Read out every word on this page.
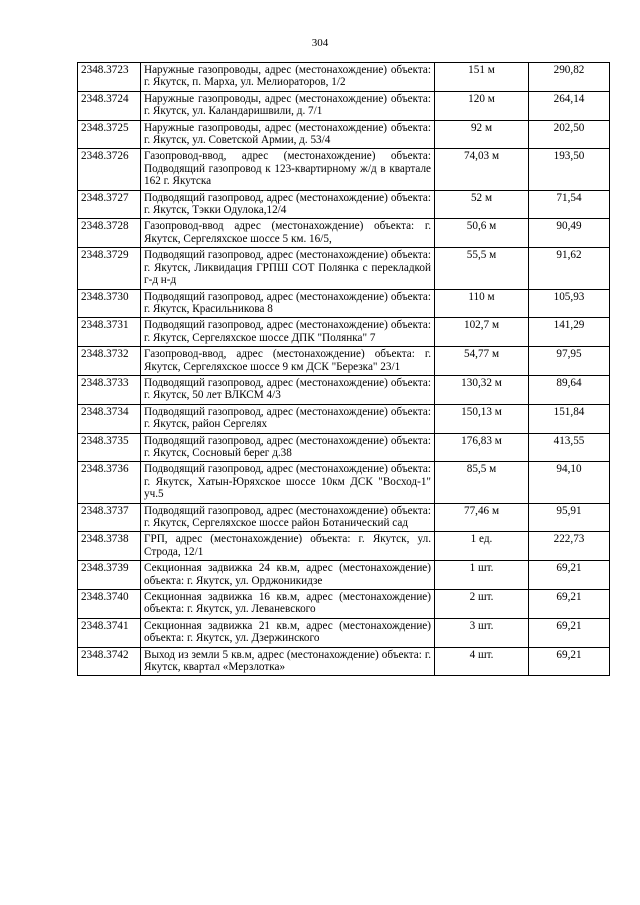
304
2348.3723	Наружные газопроводы, адрес (местонахождение) объекта: г. Якутск, п. Марха, ул. Мелиораторов, 1/2	151 м	290,82
2348.3724	Наружные газопроводы, адрес (местонахождение) объекта: г. Якутск, ул. Каландаришвили, д. 7/1	120 м	264,14
2348.3725	Наружные газопроводы, адрес (местонахождение) объекта: г. Якутск, ул. Советской Армии, д. 53/4	92 м	202,50
2348.3726	Газопровод-ввод, адрес (местонахождение) объекта: Подводящий газопровод к 123-квартирному ж/д в квартале 162 г. Якутска	74,03 м	193,50
2348.3727	Подводящий газопровод, адрес (местонахождение) объекта: г. Якутск, Тэкки Одулока,12/4	52 м	71,54
2348.3728	Газопровод-ввод адрес (местонахождение) объекта: г. Якутск, Сергеляхское шоссе 5 км. 16/5,	50,6 м	90,49
2348.3729	Подводящий газопровод, адрес (местонахождение) объекта: г. Якутск, Ликвидация ГРПШ СОТ Полянка с перекладкой г-д н-д	55,5 м	91,62
2348.3730	Подводящий газопровод, адрес (местонахождение) объекта: г. Якутск, Красильникова 8	110 м	105,93
2348.3731	Подводящий газопровод, адрес (местонахождение) объекта: г. Якутск, Сергеляхское шоссе ДПК "Полянка" 7	102,7 м	141,29
2348.3732	Газопровод-ввод, адрес (местонахождение) объекта: г. Якутск, Сергеляхское шоссе 9 км ДСК "Березка" 23/1	54,77 м	97,95
2348.3733	Подводящий газопровод, адрес (местонахождение) объекта: г. Якутск, 50 лет ВЛКСМ 4/3	130,32 м	89,64
2348.3734	Подводящий газопровод, адрес (местонахождение) объекта: г. Якутск, район Сергелях	150,13 м	151,84
2348.3735	Подводящий газопровод, адрес (местонахождение) объекта: г. Якутск, Сосновый берег д.38	176,83 м	413,55
2348.3736	Подводящий газопровод, адрес (местонахождение) объекта: г. Якутск, Хатын-Юряхское шоссе 10км ДСК "Восход-1" уч.5	85,5 м	94,10
2348.3737	Подводящий газопровод, адрес (местонахождение) объекта: г. Якутск, Сергеляхское шоссе район Ботанический сад	77,46 м	95,91
2348.3738	ГРП, адрес (местонахождение) объекта: г. Якутск, ул. Строда, 12/1	1 ед.	222,73
2348.3739	Секционная задвижка 24 кв.м, адрес (местонахождение) объекта: г. Якутск, ул. Орджоникидзе	1 шт.	69,21
2348.3740	Секционная задвижка 16 кв.м, адрес (местонахождение) объекта: г. Якутск, ул. Леваневского	2 шт.	69,21
2348.3741	Секционная задвижка 21 кв.м, адрес (местонахождение) объекта: г. Якутск, ул. Дзержинского	3 шт.	69,21
2348.3742	Выход из земли 5 кв.м, адрес (местонахождение) объекта: г. Якутск, квартал «Мерзлотка»	4 шт.	69,21
